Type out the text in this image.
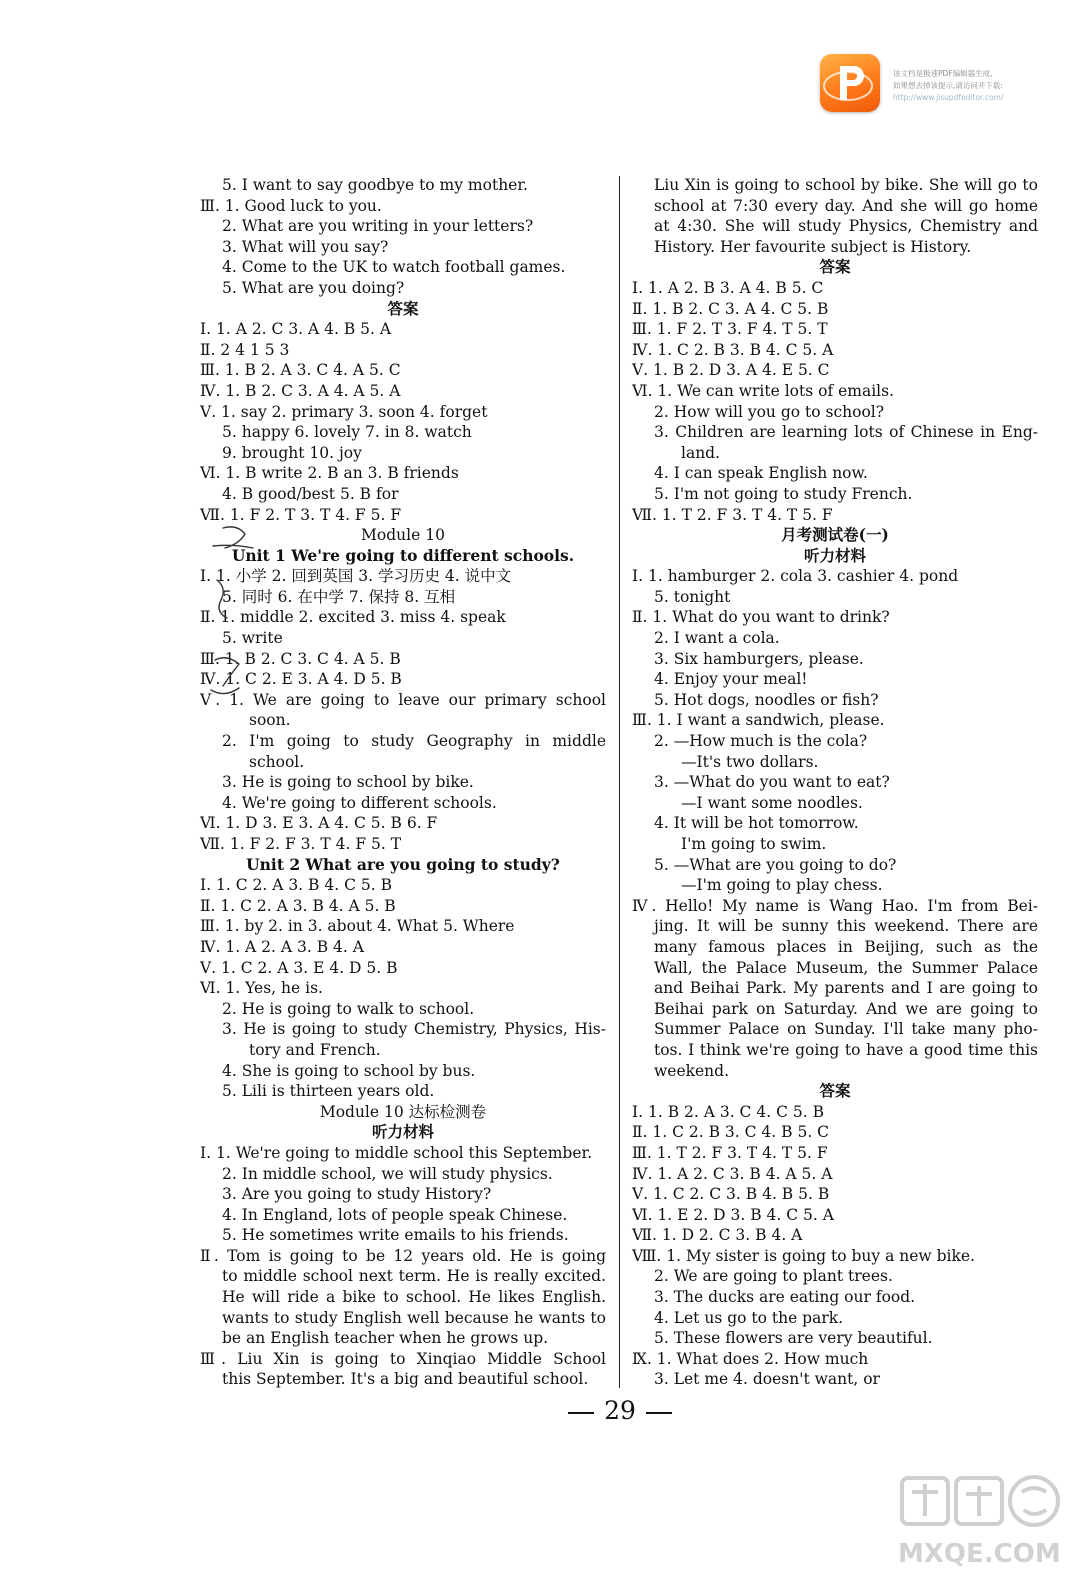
该文档是极速PDF编辑器生成,
如果想去掉该提示,请访问并下载:
http://www.jisupdfeditor.com/
5. I want to say goodbye to my mother.
Ⅲ. 1. Good luck to you.
2. What are you writing in your letters?
3. What will you say?
4. Come to the UK to watch football games.
5. What are you doing?
答案
Ⅰ. 1. A 2. C 3. A 4. B 5. A
Ⅱ. 2 4 1 5 3
Ⅲ. 1. B 2. A 3. C 4. A 5. C
Ⅳ. 1. B 2. C 3. A 4. A 5. A
Ⅴ. 1. say 2. primary 3. soon 4. forget
5. happy 6. lovely 7. in 8. watch
9. brought 10. joy
Ⅵ. 1. B write 2. B an 3. B friends
4. B good/best 5. B for
Ⅶ. 1. F 2. T 3. T 4. F 5. F
Module 10
Unit 1 We're going to different schools.
Ⅰ. 1. 小学 2. 回到英国 3. 学习历史 4. 说中文
5. 同时 6. 在中学 7. 保持 8. 互相
Ⅱ. 1. middle 2. excited 3. miss 4. speak
5. write
Ⅲ. 1. B 2. C 3. C 4. A 5. B
Ⅳ. 1. C 2. E 3. A 4. D 5. B
Ⅴ. 1. We are going to leave our primary school
soon.
2. I'm going to study Geography in middle
school.
3. He is going to school by bike.
4. We're going to different schools.
Ⅵ. 1. D 3. E 3. A 4. C 5. B 6. F
Ⅶ. 1. F 2. F 3. T 4. F 5. T
Unit 2 What are you going to study?
Ⅰ. 1. C 2. A 3. B 4. C 5. B
Ⅱ. 1. C 2. A 3. B 4. A 5. B
Ⅲ. 1. by 2. in 3. about 4. What 5. Where
Ⅳ. 1. A 2. A 3. B 4. A
Ⅴ. 1. C 2. A 3. E 4. D 5. B
Ⅵ. 1. Yes, he is.
2. He is going to walk to school.
3. He is going to study Chemistry, Physics, His-
tory and French.
4. She is going to school by bus.
5. Lili is thirteen years old.
Module 10 达标检测卷
听力材料
Ⅰ. 1. We're going to middle school this September.
2. In middle school, we will study physics.
3. Are you going to study History?
4. In England, lots of people speak Chinese.
5. He sometimes write emails to his friends.
Ⅱ. Tom is going to be 12 years old. He is going
to middle school next term. He is really excited.
He will ride a bike to school. He likes English.
wants to study English well because he wants to
be an English teacher when he grows up.
Ⅲ. Liu Xin is going to Xinqiao Middle School
this September. It's a big and beautiful school.
Liu Xin is going to school by bike. She will go to
school at 7:30 every day. And she will go home
at 4:30. She will study Physics, Chemistry and
History. Her favourite subject is History.
答案
Ⅰ. 1. A 2. B 3. A 4. B 5. C
Ⅱ. 1. B 2. C 3. A 4. C 5. B
Ⅲ. 1. F 2. T 3. F 4. T 5. T
Ⅳ. 1. C 2. B 3. B 4. C 5. A
Ⅴ. 1. B 2. D 3. A 4. E 5. C
Ⅵ. 1. We can write lots of emails.
2. How will you go to school?
3. Children are learning lots of Chinese in Eng-
land.
4. I can speak English now.
5. I'm not going to study French.
Ⅶ. 1. T 2. F 3. T 4. T 5. F
月考测试卷(一)
听力材料
Ⅰ. 1. hamburger 2. cola 3. cashier 4. pond
5. tonight
Ⅱ. 1. What do you want to drink?
2. I want a cola.
3. Six hamburgers, please.
4. Enjoy your meal!
5. Hot dogs, noodles or fish?
Ⅲ. 1. I want a sandwich, please.
2. —How much is the cola?
—It's two dollars.
3. —What do you want to eat?
—I want some noodles.
4. It will be hot tomorrow.
I'm going to swim.
5. —What are you going to do?
—I'm going to play chess.
Ⅳ. Hello! My name is Wang Hao. I'm from Bei-
jing. It will be sunny this weekend. There are
many famous places in Beijing, such as the
Wall, the Palace Museum, the Summer Palace
and Beihai Park. My parents and I are going to
Beihai park on Saturday. And we are going to
Summer Palace on Sunday. I'll take many pho-
tos. I think we're going to have a good time this
weekend.
答案
Ⅰ. 1. B 2. A 3. C 4. C 5. B
Ⅱ. 1. C 2. B 3. C 4. B 5. C
Ⅲ. 1. T 2. F 3. T 4. T 5. F
Ⅳ. 1. A 2. C 3. B 4. A 5. A
Ⅴ. 1. C 2. C 3. B 4. B 5. B
Ⅵ. 1. E 2. D 3. B 4. C 5. A
Ⅶ. 1. D 2. C 3. B 4. A
Ⅷ. 1. My sister is going to buy a new bike.
2. We are going to plant trees.
3. The ducks are eating our food.
4. Let us go to the park.
5. These flowers are very beautiful.
Ⅸ. 1. What does 2. How much
3. Let me 4. doesn't want, or
29
MXQE.COM
